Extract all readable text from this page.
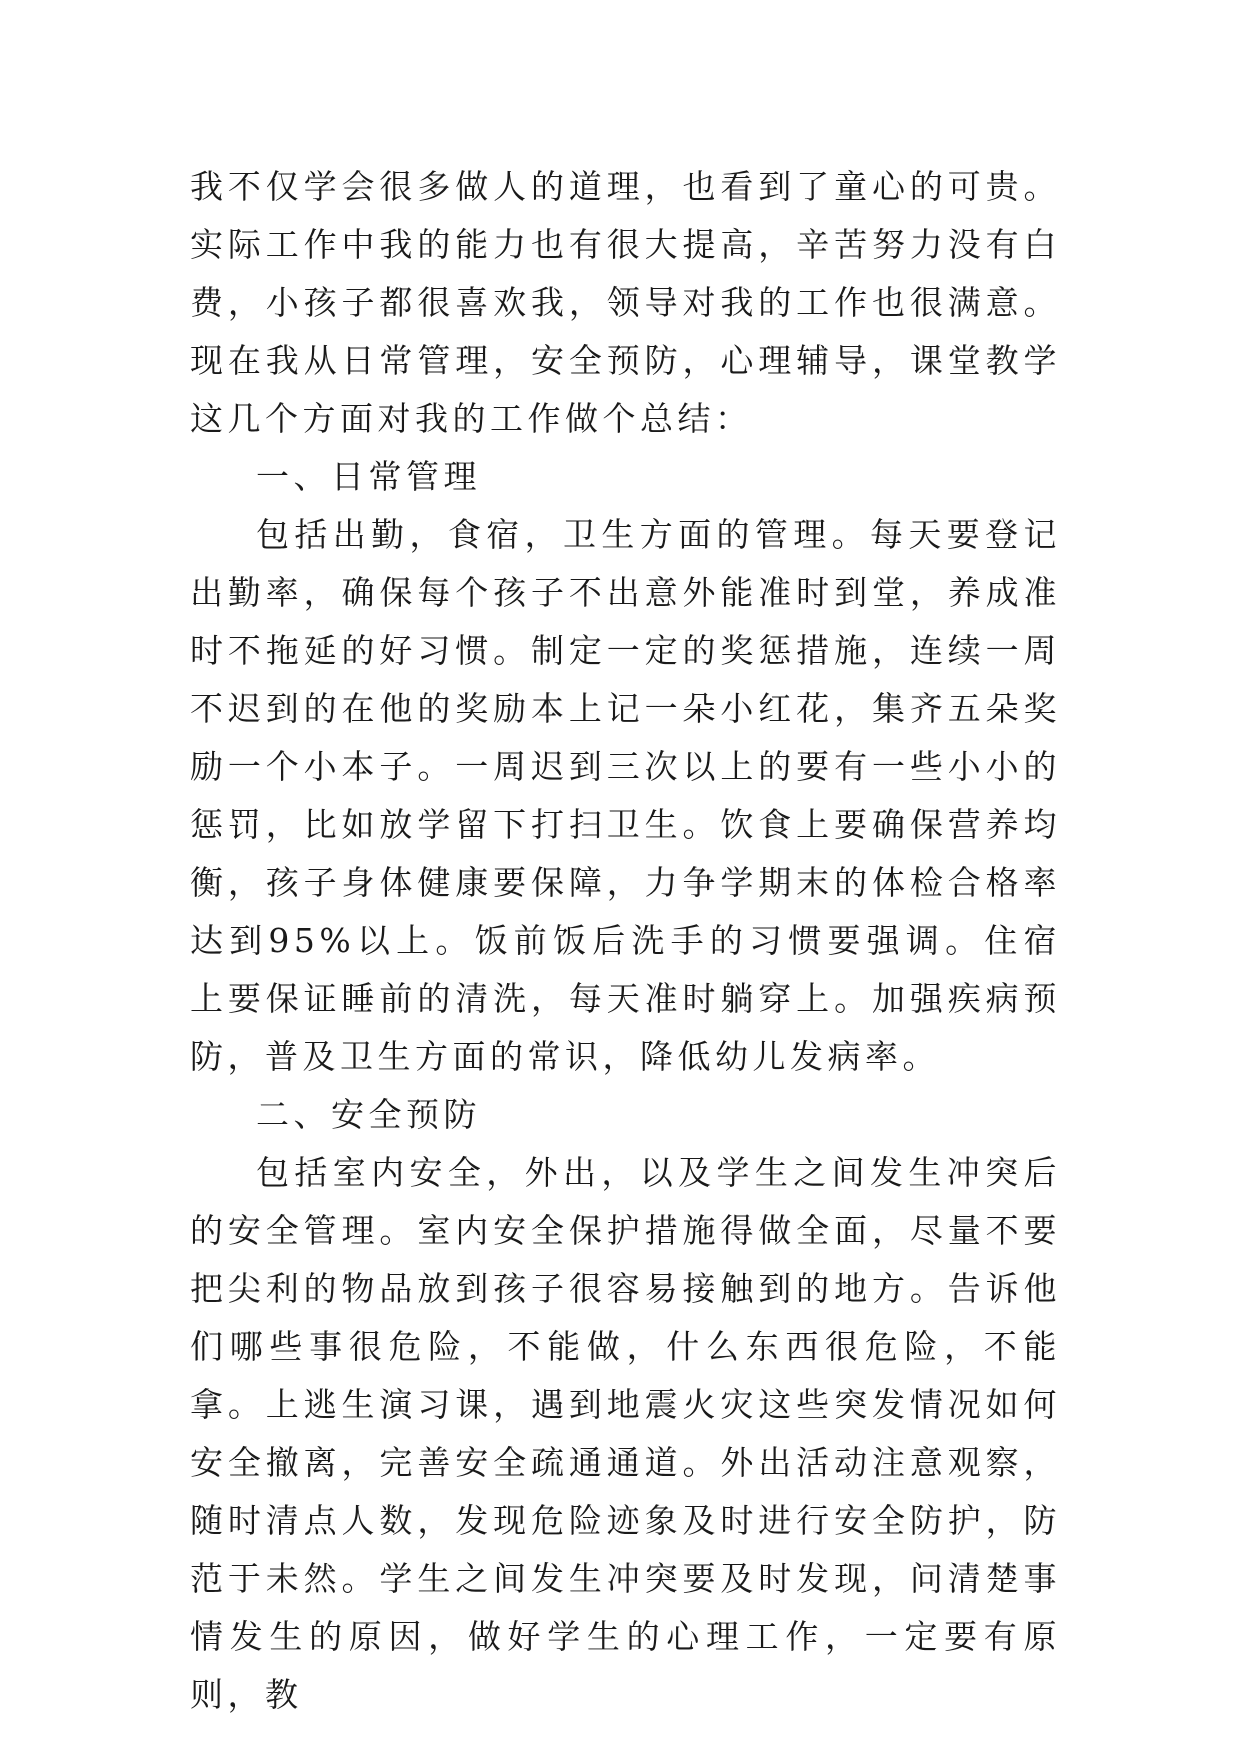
我不仅学会很多做人的道理，也看到了童心的可贵。实际工作中我的能力也有很大提高，辛苦努力没有白费，小孩子都很喜欢我，领导对我的工作也很满意。现在我从日常管理，安全预防，心理辅导，课堂教学这几个方面对我的工作做个总结：

一、日常管理

包括出勤，食宿，卫生方面的管理。每天要登记出勤率，确保每个孩子不出意外能准时到堂，养成准时不拖延的好习惯。制定一定的奖惩措施，连续一周不迟到的在他的奖励本上记一朵小红花，集齐五朵奖励一个小本子。一周迟到三次以上的要有一些小小的惩罚，比如放学留下打扫卫生。饮食上要确保营养均衡，孩子身体健康要保障，力争学期末的体检合格率达到95%以上。饭前饭后洗手的习惯要强调。住宿上要保证睡前的清洗，每天准时躺穿上。加强疾病预防，普及卫生方面的常识，降低幼儿发病率。

二、安全预防

包括室内安全，外出，以及学生之间发生冲突后的安全管理。室内安全保护措施得做全面，尽量不要把尖利的物品放到孩子很容易接触到的地方。告诉他们哪些事很危险，不能做，什么东西很危险，不能拿。上逃生演习课，遇到地震火灾这些突发情况如何安全撤离，完善安全疏通通道。外出活动注意观察，随时清点人数，发现危险迹象及时进行安全防护，防范于未然。学生之间发生冲突要及时发现，问清楚事情发生的原因，做好学生的心理工作，一定要有原则，教
